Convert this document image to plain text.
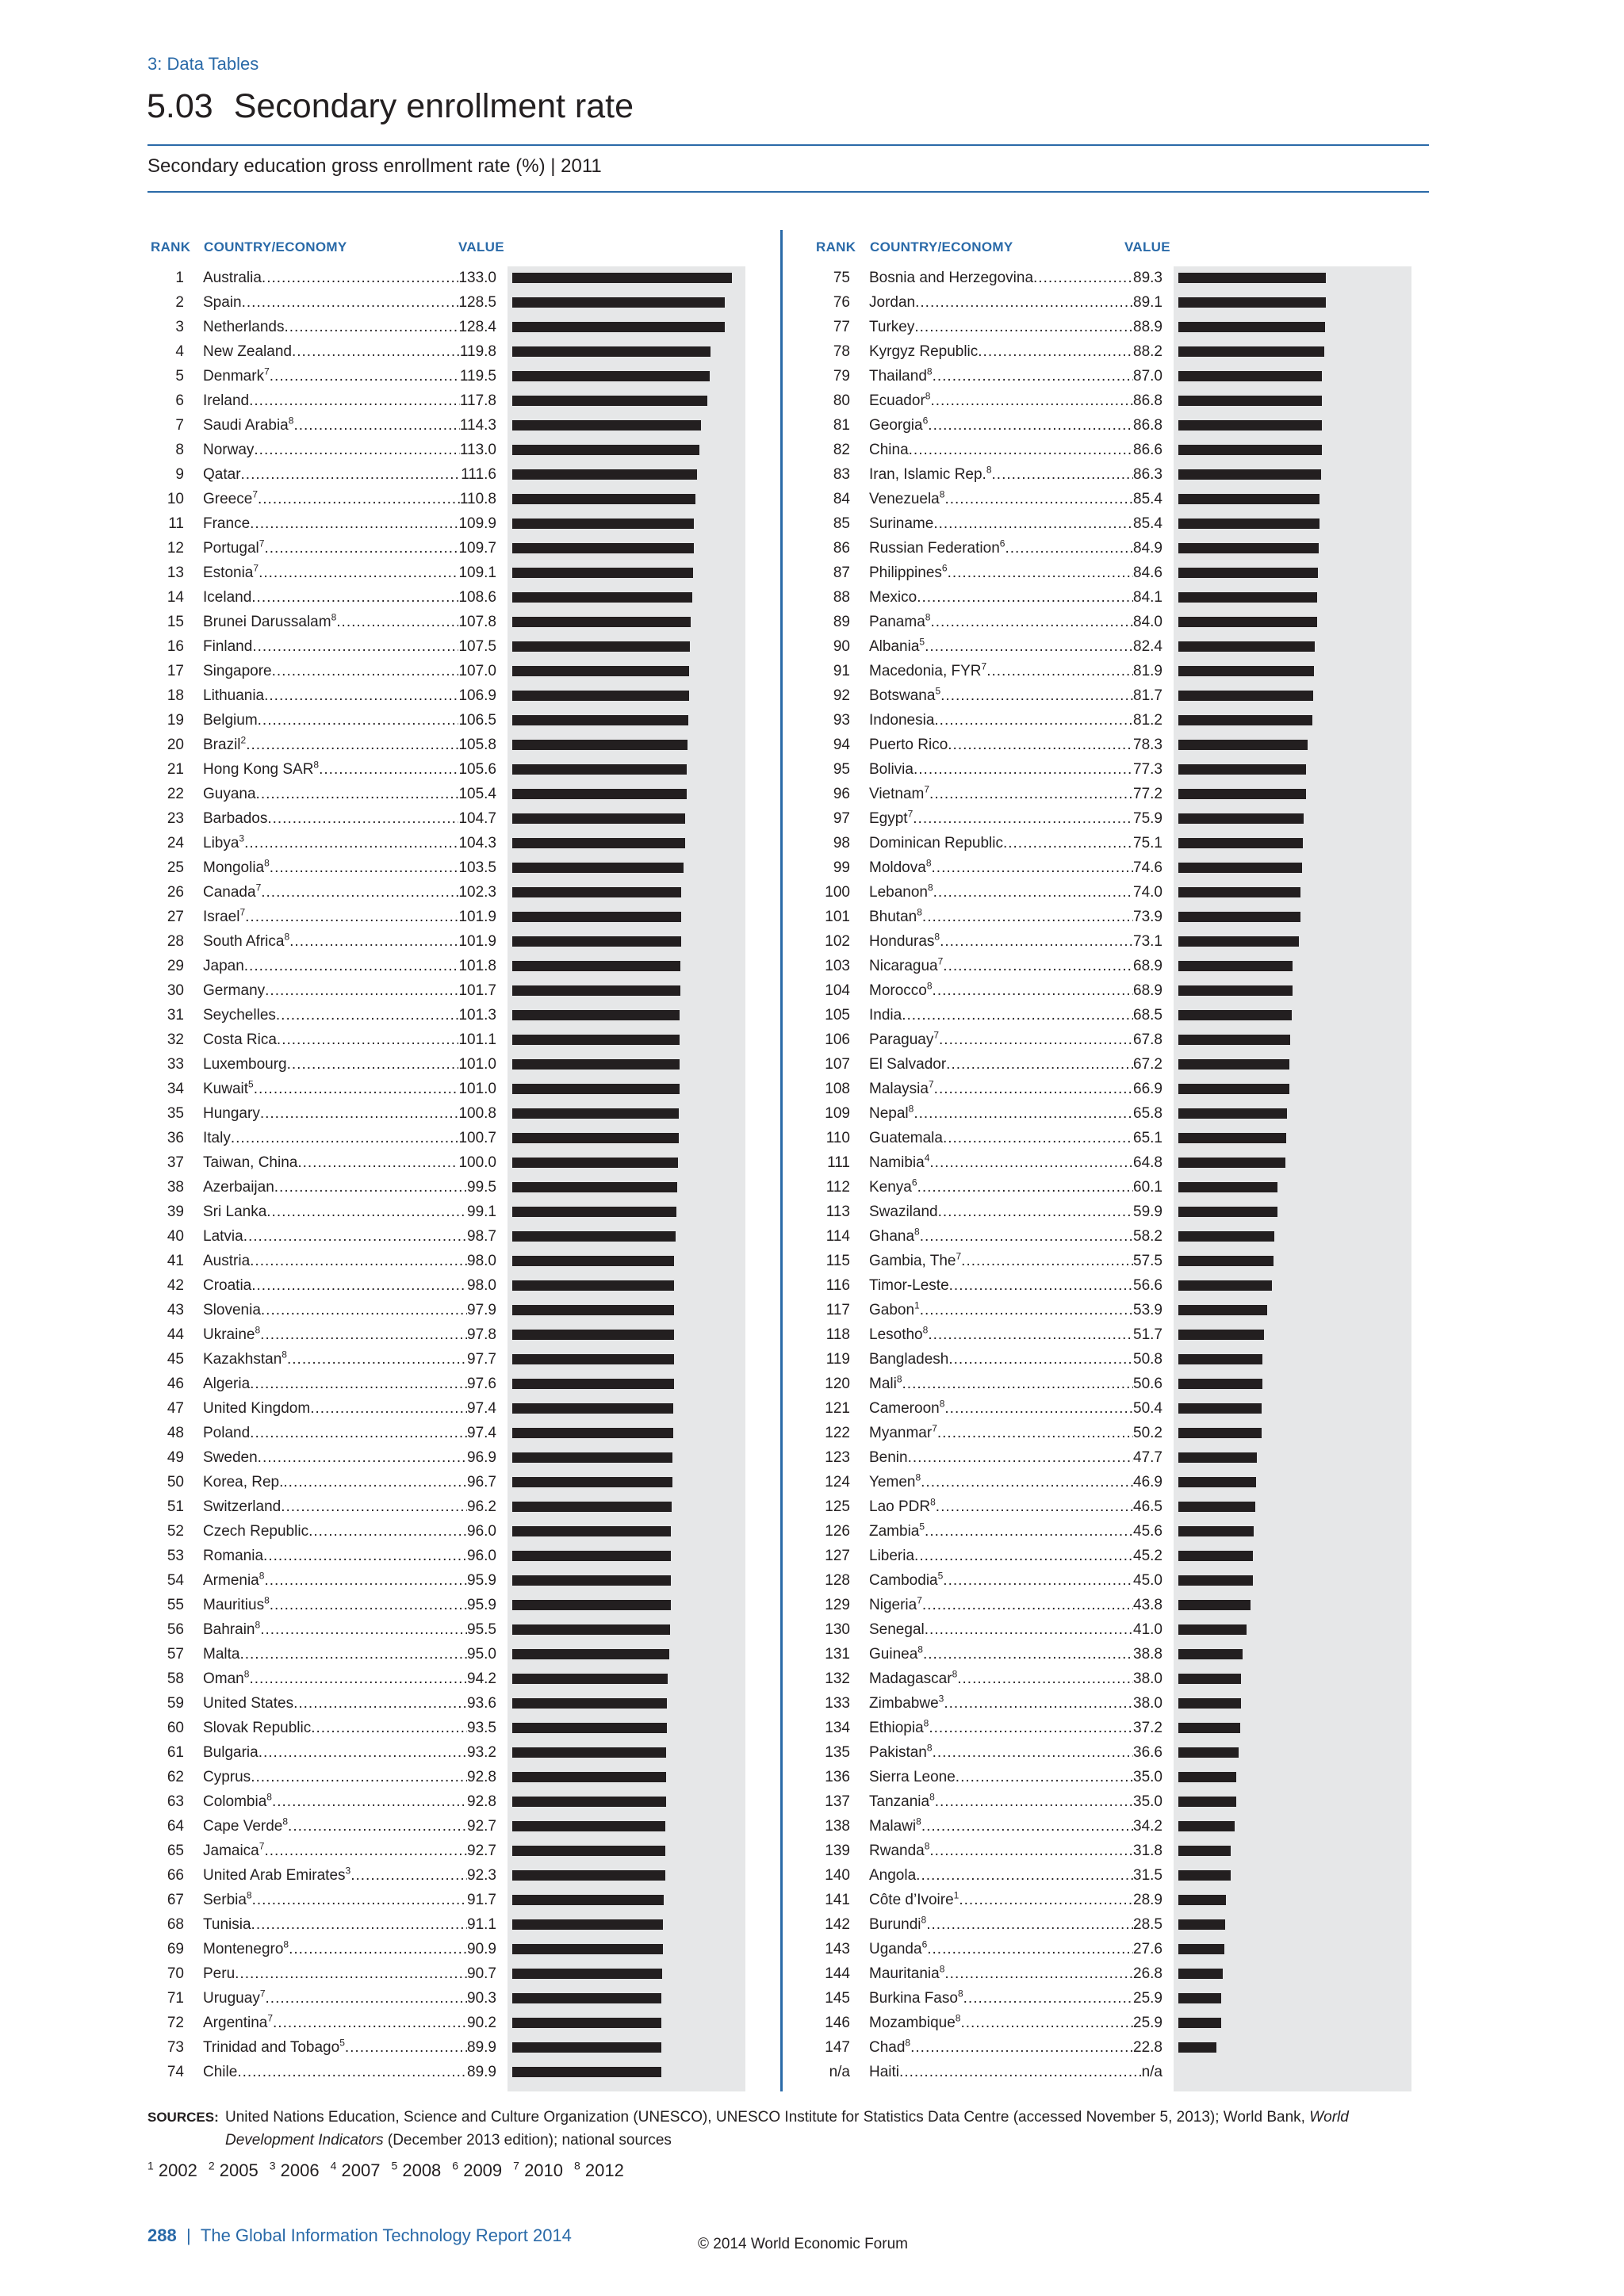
3: Data Tables
5.03 Secondary enrollment rate
Secondary education gross enrollment rate (%) | 2011
RANK COUNTRY/ECONOMY	VALUE	RANK COUNTRY/ECONOMY	VALUE
1 Australia .....	133.0
2 Spain .....	128.5
3 Netherlands .....	128.4
4 New Zealand .....	119.8
5 Denmark$^7$ .....	119.5
6 Ireland .....	117.8
7 Saudi Arabia$^8$ .....	114.3
8 Norway .....	113.0
9 Qatar .....	111.6
10 Greece$^7$ .....	110.8
11 France .....	109.9
12 Portugal$^7$ .....	109.7
13 Estonia$^7$ .....	109.1
14 Iceland .....	108.6
15 Brunei Darussalam$^8$ .....	107.8
16 Finland .....	107.5
17 Singapore .....	107.0
18 Lithuania .....	106.9
19 Belgium .....	106.5
20 Brazil$^2$ .....	105.8
21 Hong Kong SAR$^8$ .....	105.6
22 Guyana .....	105.4
23 Barbados .....	104.7
24 Libya$^3$ .....	104.3
25 Mongolia$^8$ .....	103.5
26 Canada$^7$ .....	102.3
27 Israel$^7$ .....	101.9
28 South Africa$^8$ .....	101.9
29 Japan .....	101.8
30 Germany .....	101.7
31 Seychelles .....	101.3
32 Costa Rica .....	101.1
33 Luxembourg .....	101.0
34 Kuwait$^5$ .....	101.0
35 Hungary .....	100.8
36 Italy .....	100.7
37 Taiwan, China .....	100.0
38 Azerbaijan .....	99.5
39 Sri Lanka .....	99.1
40 Latvia .....	98.7
41 Austria .....	98.0
42 Croatia .....	98.0
43 Slovenia .....	97.9
44 Ukraine$^8$ .....	97.8
45 Kazakhstan$^8$ .....	97.7
46 Algeria .....	97.6
47 United Kingdom .....	97.4
48 Poland .....	97.4
49 Sweden .....	96.9
50 Korea, Rep. .....	96.7
51 Switzerland .....	96.2
52 Czech Republic .....	96.0
53 Romania .....	96.0
54 Armenia$^8$ .....	95.9
55 Mauritius$^8$ .....	95.9
56 Bahrain$^8$ .....	95.5
57 Malta .....	95.0
58 Oman$^8$ .....	94.2
59 United States .....	93.6
60 Slovak Republic .....	93.5
61 Bulgaria .....	93.2
62 Cyprus .....	92.8
63 Colombia$^8$ .....	92.8
64 Cape Verde$^8$ .....	92.7
65 Jamaica$^7$ .....	92.7
66 United Arab Emirates$^3$ .....	92.3
67 Serbia$^8$ .....	91.7
68 Tunisia .....	91.1
69 Montenegro$^8$ .....	90.9
70 Peru .....	90.7
71 Uruguay$^7$ .....	90.3
72 Argentina$^7$ .....	90.2
73 Trinidad and Tobago$^5$ .....	89.9
74 Chile .....	89.9
75 Bosnia and Herzegovina .....	89.3
76 Jordan .....	89.1
77 Turkey .....	88.9
78 Kyrgyz Republic .....	88.2
79 Thailand$^8$ .....	87.0
80 Ecuador$^8$ .....	86.8
81 Georgia$^6$ .....	86.8
82 China .....	86.6
83 Iran, Islamic Rep.$^8$ .....	86.3
84 Venezuela$^8$ .....	85.4
85 Suriname .....	85.4
86 Russian Federation$^6$ .....	84.9
87 Philippines$^6$ .....	84.6
88 Mexico .....	84.1
89 Panama$^8$ .....	84.0
90 Albania$^5$ .....	82.4
91 Macedonia, FYR$^7$ .....	81.9
92 Botswana$^5$ .....	81.7
93 Indonesia .....	81.2
94 Puerto Rico .....	78.3
95 Bolivia .....	77.3
96 Vietnam$^7$ .....	77.2
97 Egypt$^7$ .....	75.9
98 Dominican Republic .....	75.1
99 Moldova$^8$ .....	74.6
100 Lebanon$^8$ .....	74.0
101 Bhutan$^8$ .....	73.9
102 Honduras$^8$ .....	73.1
103 Nicaragua$^7$ .....	68.9
104 Morocco$^8$ .....	68.9
105 India .....	68.5
106 Paraguay$^7$ .....	67.8
107 El Salvador .....	67.2
108 Malaysia$^7$ .....	66.9
109 Nepal$^8$ .....	65.8
110 Guatemala .....	65.1
111 Namibia$^4$ .....	64.8
112 Kenya$^6$ .....	60.1
113 Swaziland .....	59.9
114 Ghana$^8$ .....	58.2
115 Gambia, The$^7$ .....	57.5
116 Timor-Leste .....	56.6
117 Gabon$^1$ .....	53.9
118 Lesotho$^8$ .....	51.7
119 Bangladesh .....	50.8
120 Mali$^8$ .....	50.6
121 Cameroon$^8$ .....	50.4
122 Myanmar$^7$ .....	50.2
123 Benin .....	47.7
124 Yemen$^8$ .....	46.9
125 Lao PDR$^8$ .....	46.5
126 Zambia$^5$ .....	45.6
127 Liberia .....	45.2
128 Cambodia$^5$ .....	45.0
129 Nigeria$^7$ .....	43.8
130 Senegal .....	41.0
131 Guinea$^8$ .....	38.8
132 Madagascar$^8$ .....	38.0
133 Zimbabwe$^3$ .....	38.0
134 Ethiopia$^8$ .....	37.2
135 Pakistan$^8$ .....	36.6
136 Sierra Leone .....	35.0
137 Tanzania$^8$ .....	35.0
138 Malawi$^8$ .....	34.2
139 Rwanda$^8$ .....	31.8
140 Angola .....	31.5
141 Côte d’Ivoire$^1$ .....	28.9
142 Burundi$^8$ .....	28.5
143 Uganda$^6$ .....	27.6
144 Mauritania$^8$ .....	26.8
145 Burkina Faso$^8$ .....	25.9
146 Mozambique$^8$ .....	25.9
147 Chad$^8$ .....	22.8
n/a Haiti .....	n/a
SOURCES: United Nations Education, Science and Culture Organization (UNESCO), UNESCO Institute for Statistics Data Centre (accessed November 5, 2013); World Bank, World Development Indicators (December 2013 edition); national sources
$^1$ 2002 $^2$ 2005 $^3$ 2006 $^4$ 2007 $^5$ 2008 $^6$ 2009 $^7$ 2010 $^8$ 2012
288 | The Global Information Technology Report 2014	© 2014 World Economic Forum
